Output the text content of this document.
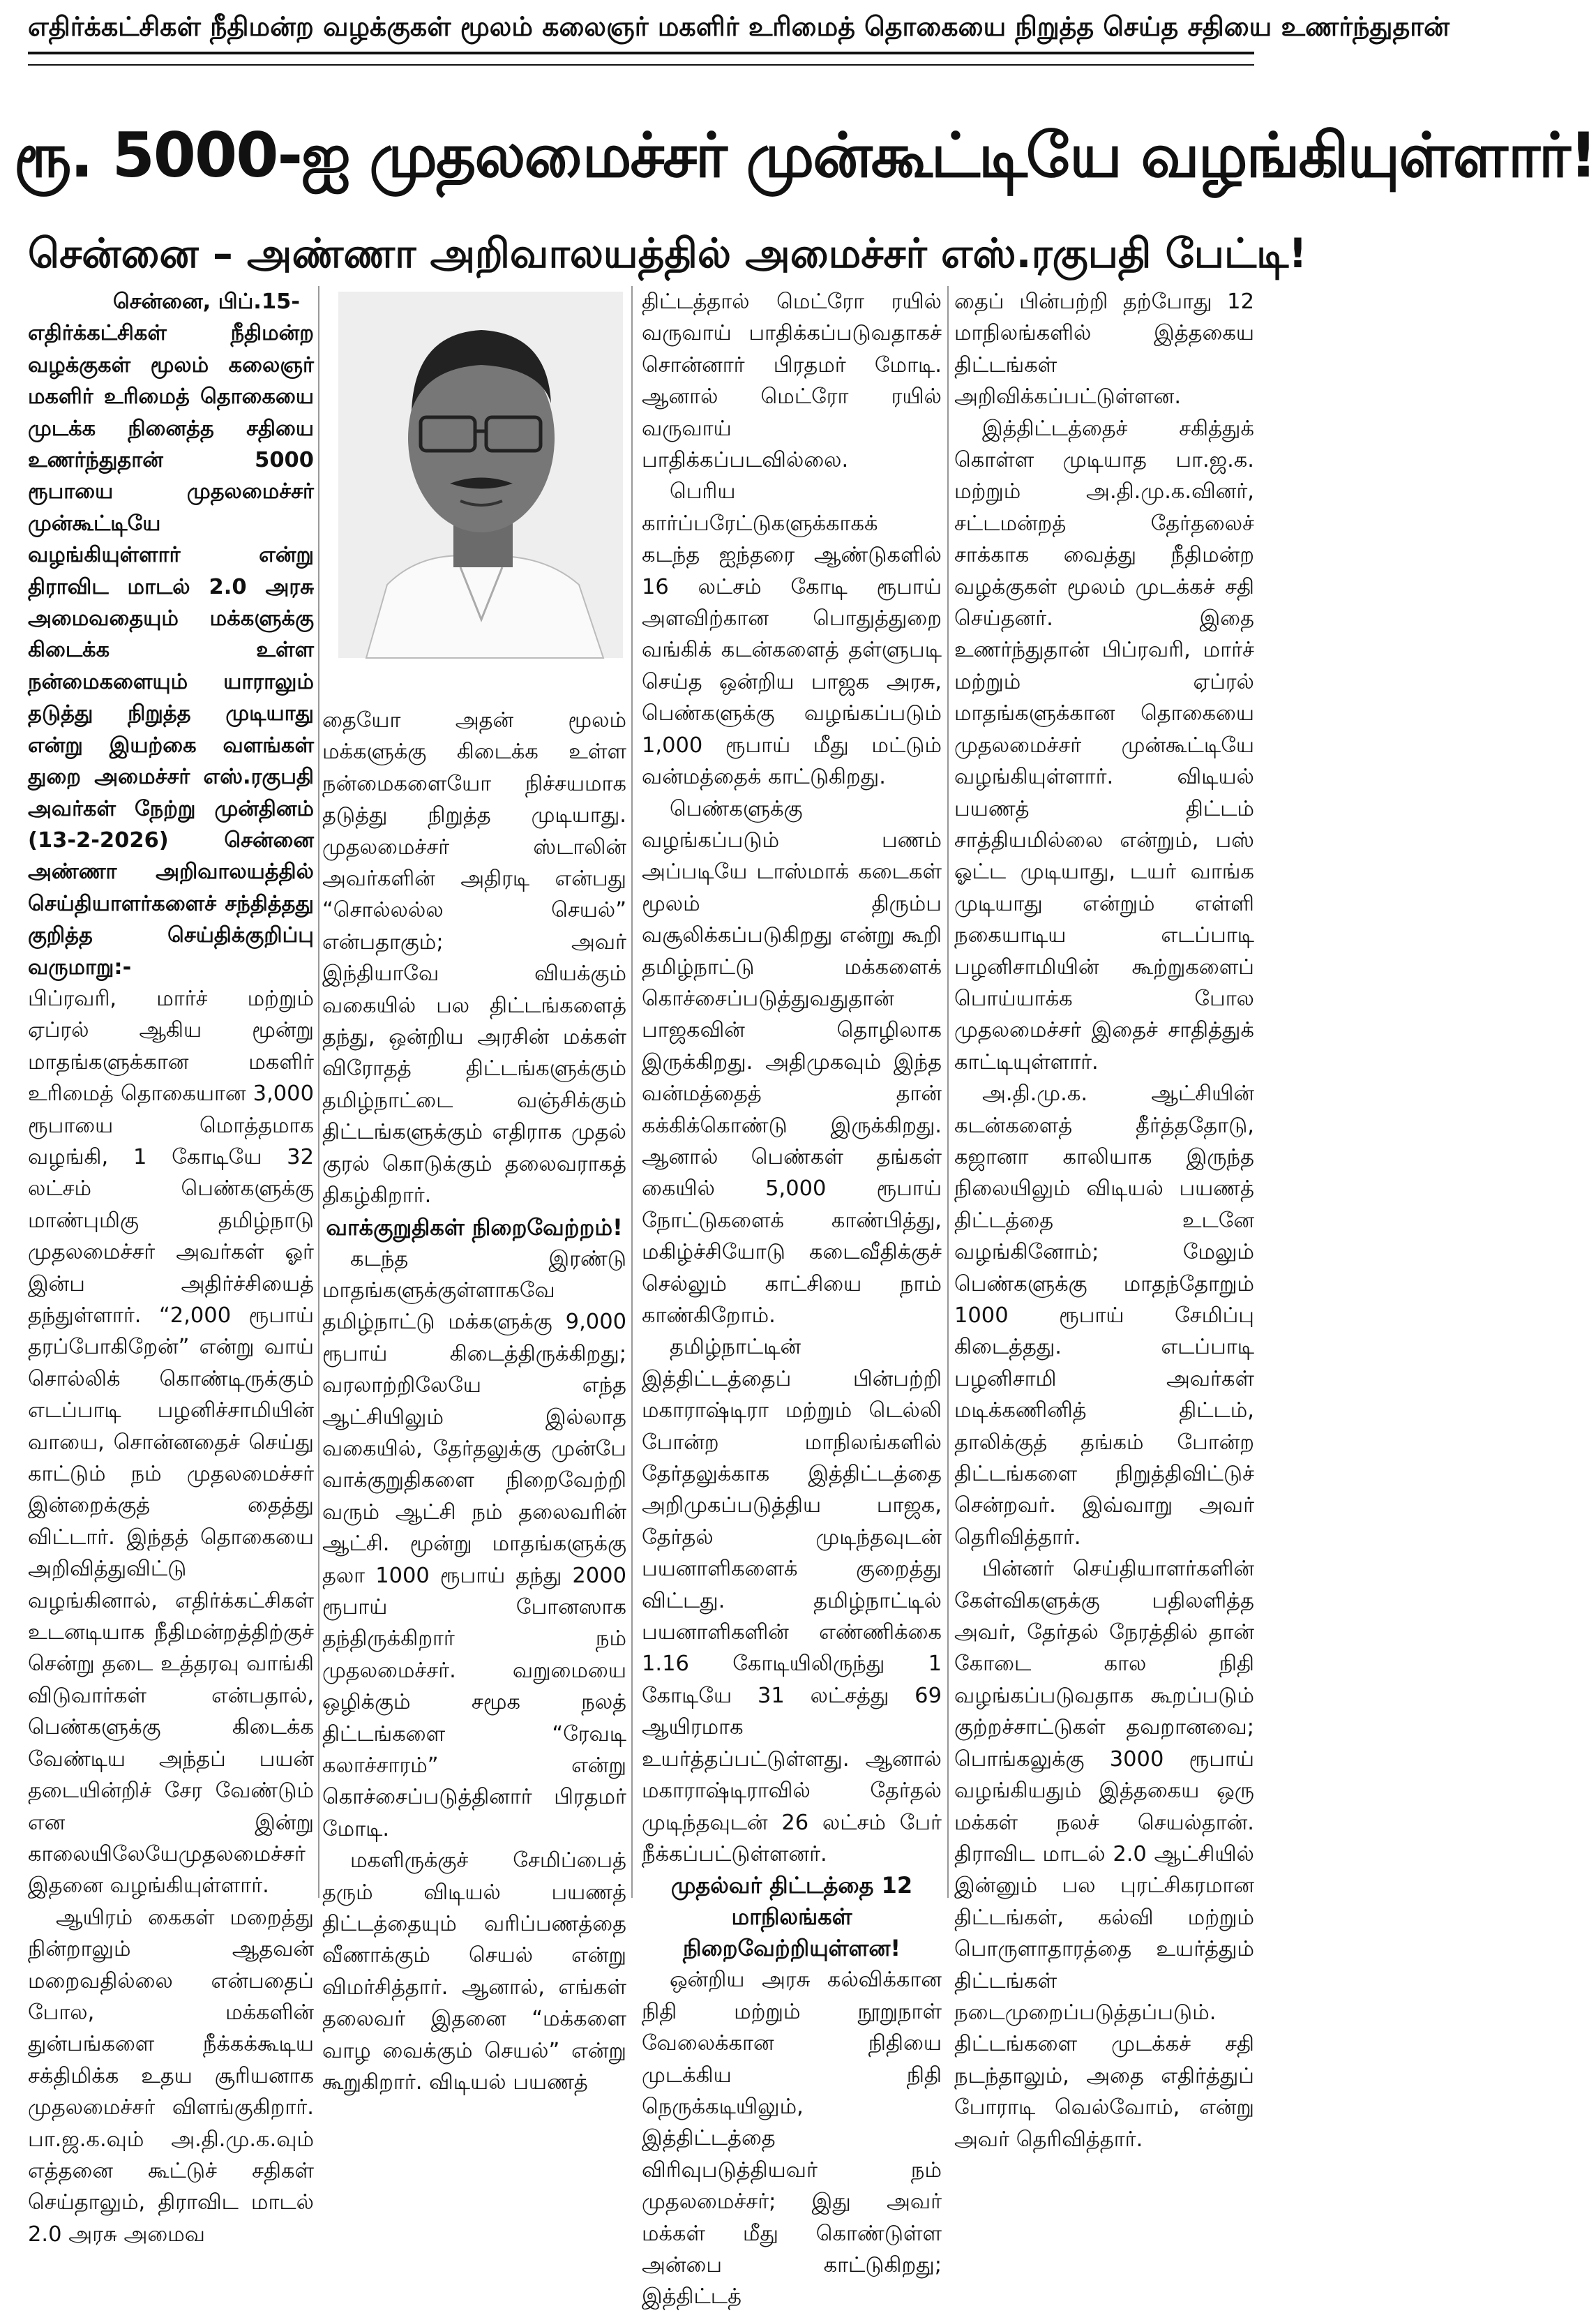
எதிர்க்கட்சிகள் நீதிமன்ற வழக்குகள் மூலம் கலைஞர் மகளிர் உரிமைத் தொகையை நிறுத்த செய்த சதியை உணர்ந்துதான்
ரூ. 5000-ஐ முதலமைச்சர் முன்கூட்டியே வழங்கியுள்ளார்!
சென்னை – அண்ணா அறிவாலயத்தில் அமைச்சர் எஸ்.ரகுபதி பேட்டி!

சென்னை, பிப்.15-

எதிர்க்கட்சிகள் நீதிமன்ற வழக்குகள் மூலம் கலைஞர் மகளிர் உரிமைத் தொகையை முடக்க நினைத்த சதியை உணர்ந்துதான் 5000 ரூபாயை முதலமைச்சர் முன்கூட்டியே வழங்கியுள்ளார் என்று திராவிட மாடல் 2.0 அரசு அமைவதையும் மக்களுக்கு கிடைக்க உள்ள நன்மைகளையும் யாராலும் தடுத்து நிறுத்த முடியாது என்று இயற்கை வளங்கள் துறை அமைச்சர் எஸ்.ரகுபதி அவர்கள் நேற்று முன்தினம் (13-2-2026) சென்னை அண்ணா அறிவாலயத்தில் செய்தியாளர்களைச் சந்தித்தது குறித்த செய்திக்குறிப்பு வருமாறு:-

பிப்ரவரி, மார்ச் மற்றும் ஏப்ரல் ஆகிய மூன்று மாதங்களுக்கான மகளிர் உரிமைத் தொகையான 3,000 ரூபாயை மொத்தமாக வழங்கி, 1 கோடியே 32 லட்சம் பெண்களுக்கு மாண்புமிகு தமிழ்நாடு முதலமைச்சர் அவர்கள் ஓர் இன்ப அதிர்ச்சியைத் தந்துள்ளார். “2,000 ரூபாய் தரப்போகிறேன்” என்று வாய் சொல்லிக் கொண்டிருக்கும் எடப்பாடி பழனிச்சாமியின் வாயை, சொன்னதைச் செய்து காட்டும் நம் முதலமைச்சர் இன்றைக்குத் தைத்து விட்டார். இந்தத் தொகையை அறிவித்துவிட்டு வழங்கினால், எதிர்க்கட்சிகள் உடனடியாக நீதிமன்றத்திற்குச் சென்று தடை உத்தரவு வாங்கி விடுவார்கள் என்பதால், பெண்களுக்கு கிடைக்க வேண்டிய அந்தப் பயன் தடையின்றிச் சேர வேண்டும் என இன்று காலையிலேயேமுதலமைச்சர் இதனை வழங்கியுள்ளார்.

ஆயிரம் கைகள் மறைத்து நின்றாலும் ஆதவன் மறைவதில்லை என்பதைப் போல, மக்களின் துன்பங்களை நீக்கக்கூடிய சக்திமிக்க உதய சூரியனாக முதலமைச்சர் விளங்குகிறார். பா.ஜ.க.வும் அ.தி.மு.க.வும் எத்தனை கூட்டுச் சதிகள் செய்தாலும், திராவிட மாடல் 2.0 அரசு அமைவ

தையோ அதன் மூலம் மக்களுக்கு கிடைக்க உள்ள நன்மைகளையோ நிச்சயமாக தடுத்து நிறுத்த முடியாது. முதலமைச்சர் ஸ்டாலின் அவர்களின் அதிரடி என்பது “சொல்லல்ல செயல்” என்பதாகும்; அவர் இந்தியாவே வியக்கும் வகையில் பல திட்டங்களைத் தந்து, ஒன்றிய அரசின் மக்கள் விரோதத் திட்டங்களுக்கும் தமிழ்நாட்டை வஞ்சிக்கும் திட்டங்களுக்கும் எதிராக முதல் குரல் கொடுக்கும் தலைவராகத் திகழ்கிறார்.

வாக்குறுதிகள் நிறைவேற்றம்!

கடந்த இரண்டு மாதங்களுக்குள்ளாகவே தமிழ்நாட்டு மக்களுக்கு 9,000 ரூபாய் கிடைத்திருக்கிறது; வரலாற்றிலேயே எந்த ஆட்சியிலும் இல்லாத வகையில், தேர்தலுக்கு முன்பே வாக்குறுதிகளை நிறைவேற்றி வரும் ஆட்சி நம் தலைவரின் ஆட்சி. மூன்று மாதங்களுக்கு தலா 1000 ரூபாய் தந்து 2000 ரூபாய் போனஸாக தந்திருக்கிறார் நம் முதலமைச்சர். வறுமையை ஒழிக்கும் சமூக நலத் திட்டங்களை “ரேவடி கலாச்சாரம்” என்று கொச்சைப்படுத்தினார் பிரதமர் மோடி.

மகளிருக்குச் சேமிப்பைத் தரும் விடியல் பயணத் திட்டத்தையும் வரிப்பணத்தை வீணாக்கும் செயல் என்று விமர்சித்தார். ஆனால், எங்கள் தலைவர் இதனை “மக்களை வாழ வைக்கும் செயல்” என்று கூறுகிறார். விடியல் பயணத்

திட்டத்தால் மெட்ரோ ரயில் வருவாய் பாதிக்கப்படுவதாகச் சொன்னார் பிரதமர் மோடி. ஆனால் மெட்ரோ ரயில் வருவாய் பாதிக்கப்படவில்லை.

பெரிய கார்ப்பரேட்டுகளுக்காகக் கடந்த ஐந்தரை ஆண்டுகளில் 16 லட்சம் கோடி ரூபாய் அளவிற்கான பொதுத்துறை வங்கிக் கடன்களைத் தள்ளுபடி செய்த ஒன்றிய பாஜக அரசு, பெண்களுக்கு வழங்கப்படும் 1,000 ரூபாய் மீது மட்டும் வன்மத்தைக் காட்டுகிறது.

பெண்களுக்கு வழங்கப்படும் பணம் அப்படியே டாஸ்மாக் கடைகள் மூலம் திரும்ப வசூலிக்கப்படுகிறது என்று கூறி தமிழ்நாட்டு மக்களைக் கொச்சைப்படுத்துவதுதான் பாஜகவின் தொழிலாக இருக்கிறது. அதிமுகவும் இந்த வன்மத்தைத் தான் கக்கிக்கொண்டு இருக்கிறது. ஆனால் பெண்கள் தங்கள் கையில் 5,000 ரூபாய் நோட்டுகளைக் காண்பித்து, மகிழ்ச்சியோடு கடைவீதிக்குச் செல்லும் காட்சியை நாம் காண்கிறோம்.

தமிழ்நாட்டின் இத்திட்டத்தைப் பின்பற்றி மகாராஷ்டிரா மற்றும் டெல்லி போன்ற மாநிலங்களில் தேர்தலுக்காக இத்திட்டத்தை அறிமுகப்படுத்திய பாஜக, தேர்தல் முடிந்தவுடன் பயனாளிகளைக் குறைத்து விட்டது. தமிழ்நாட்டில் பயனாளிகளின் எண்ணிக்கை 1.16 கோடியிலிருந்து 1 கோடியே 31 லட்சத்து 69 ஆயிரமாக உயர்த்தப்பட்டுள்ளது. ஆனால் மகாராஷ்டிராவில் தேர்தல் முடிந்தவுடன் 26 லட்சம் பேர் நீக்கப்பட்டுள்ளனர்.

முதல்வர் திட்டத்தை 12 மாநிலங்கள் நிறைவேற்றியுள்ளன!

ஒன்றிய அரசு கல்விக்கான நிதி மற்றும் நூறுநாள் வேலைக்கான நிதியை முடக்கிய நிதி நெருக்கடியிலும், இத்திட்டத்தை விரிவுபடுத்தியவர் நம் முதலமைச்சர்; இது அவர் மக்கள் மீது கொண்டுள்ள அன்பை காட்டுகிறது; இத்திட்டத்

தைப் பின்பற்றி தற்போது 12 மாநிலங்களில் இத்தகைய திட்டங்கள் அறிவிக்கப்பட்டுள்ளன.

இத்திட்டத்தைச் சகித்துக் கொள்ள முடியாத பா.ஜ.க. மற்றும் அ.தி.மு.க.வினர், சட்டமன்றத் தேர்தலைச் சாக்காக வைத்து நீதிமன்ற வழக்குகள் மூலம் முடக்கச் சதி செய்தனர். இதை உணர்ந்துதான் பிப்ரவரி, மார்ச் மற்றும் ஏப்ரல் மாதங்களுக்கான தொகையை முதலமைச்சர் முன்கூட்டியே வழங்கியுள்ளார். விடியல் பயணத் திட்டம் சாத்தியமில்லை என்றும், பஸ் ஓட்ட முடியாது, டயர் வாங்க முடியாது என்றும் எள்ளி நகையாடிய எடப்பாடி பழனிசாமியின் கூற்றுகளைப் பொய்யாக்க போல முதலமைச்சர் இதைச் சாதித்துக் காட்டியுள்ளார்.

அ.தி.மு.க. ஆட்சியின் கடன்களைத் தீர்த்ததோடு, கஜானா காலியாக இருந்த நிலையிலும் விடியல் பயணத் திட்டத்தை உடனே வழங்கினோம்; மேலும் பெண்களுக்கு மாதந்தோறும் 1000 ரூபாய் சேமிப்பு கிடைத்தது. எடப்பாடி பழனிசாமி அவர்கள் மடிக்கணினித் திட்டம், தாலிக்குத் தங்கம் போன்ற திட்டங்களை நிறுத்திவிட்டுச் சென்றவர். இவ்வாறு அவர் தெரிவித்தார்.

பின்னர் செய்தியாளர்களின் கேள்விகளுக்கு பதிலளித்த அவர், தேர்தல் நேரத்தில் தான் கோடை கால நிதி வழங்கப்படுவதாக கூறப்படும் குற்றச்சாட்டுகள் தவறானவை; பொங்கலுக்கு 3000 ரூபாய் வழங்கியதும் இத்தகைய ஒரு மக்கள் நலச் செயல்தான். திராவிட மாடல் 2.0 ஆட்சியில் இன்னும் பல புரட்சிகரமான திட்டங்கள், கல்வி மற்றும் பொருளாதாரத்தை உயர்த்தும் திட்டங்கள் நடைமுறைப்படுத்தப்படும். திட்டங்களை முடக்கச் சதி நடந்தாலும், அதை எதிர்த்துப் போராடி வெல்வோம், என்று அவர் தெரிவித்தார்.
